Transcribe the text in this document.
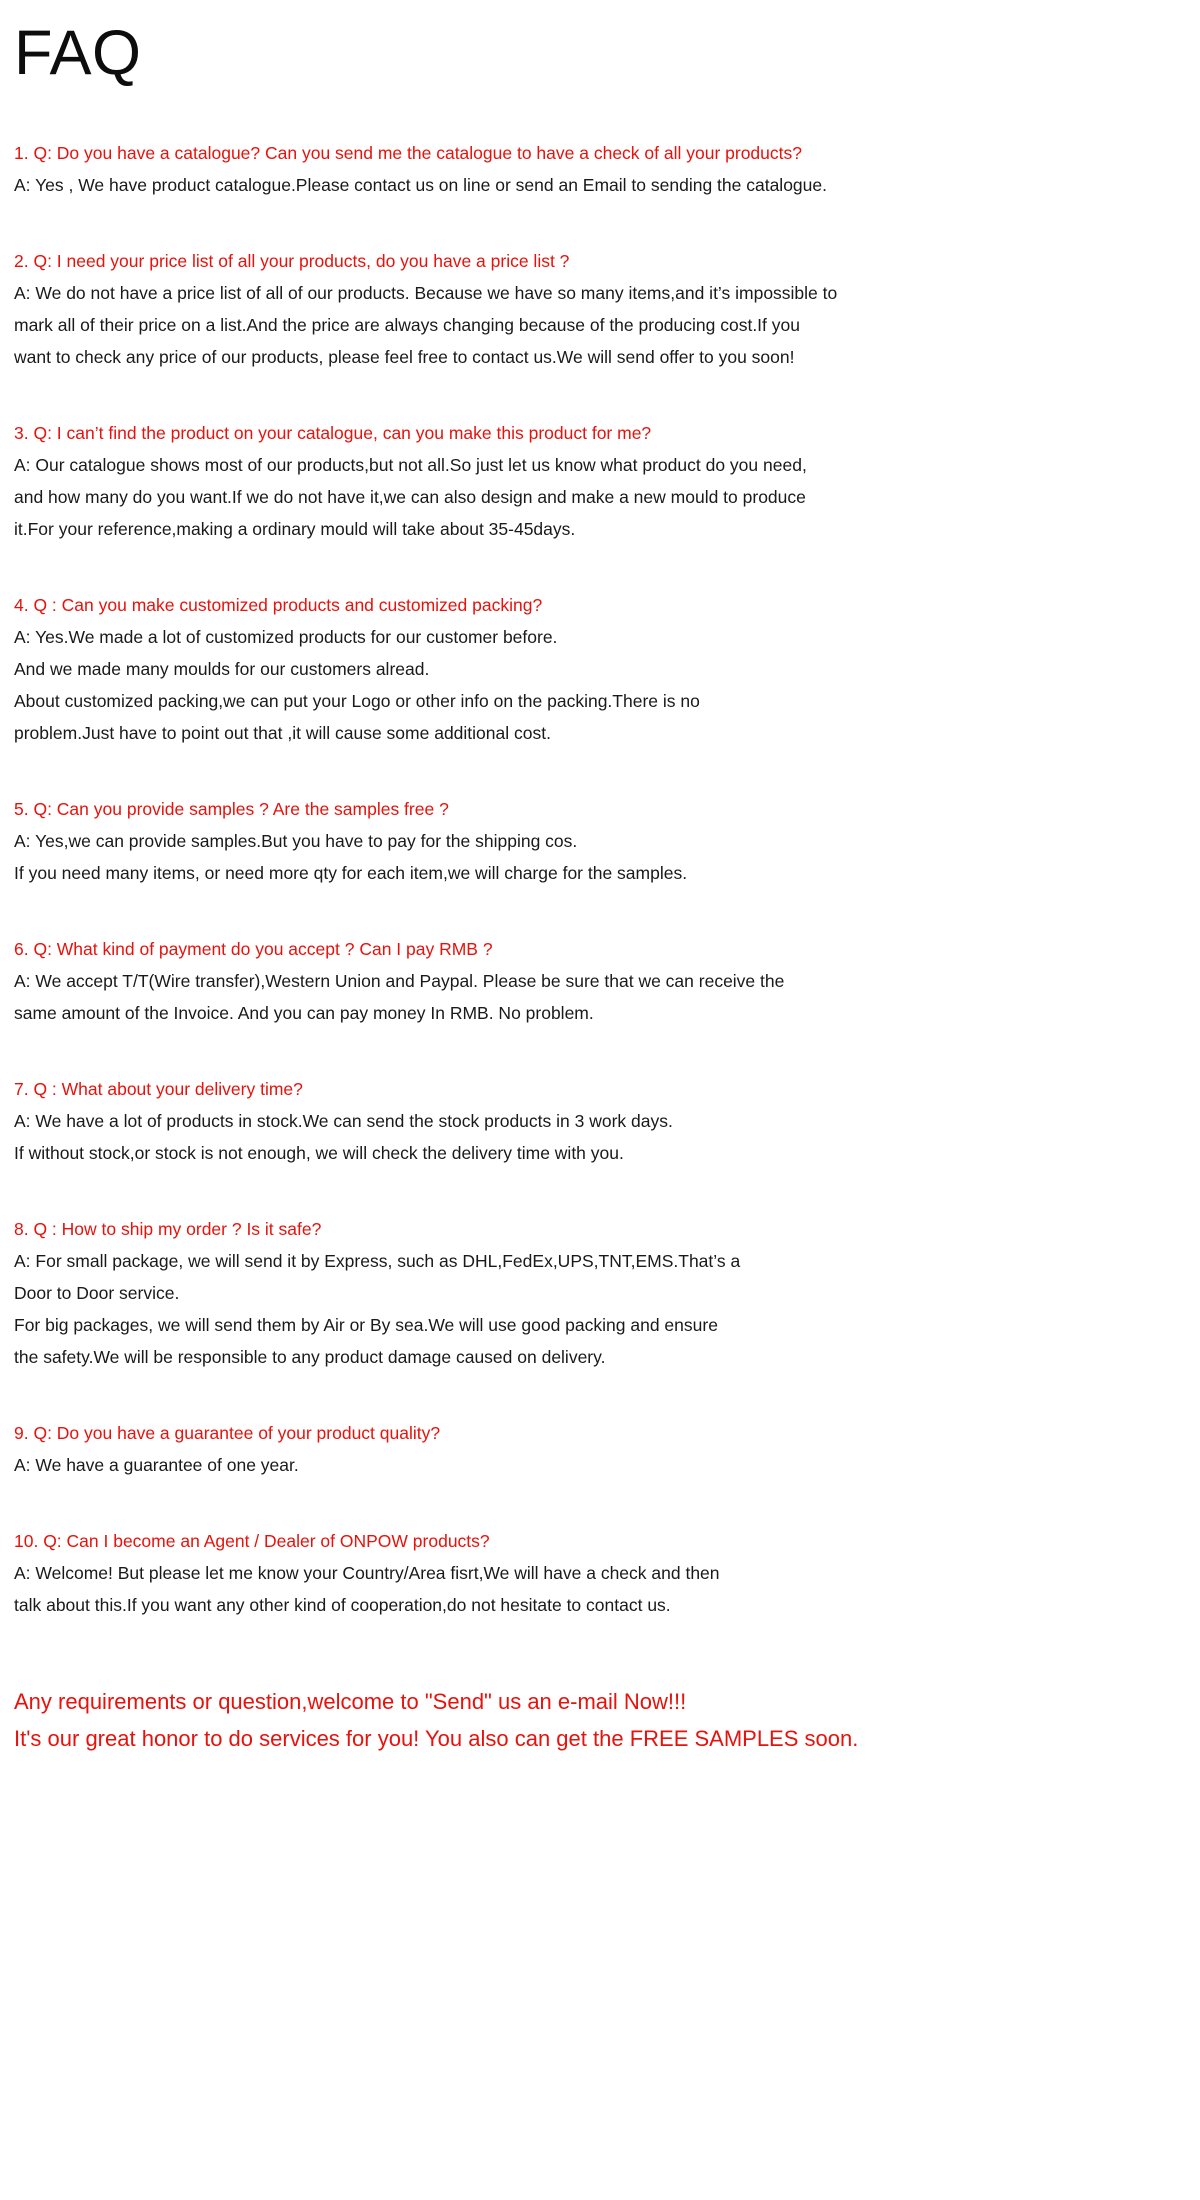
FAQ
1. Q: Do you have a catalogue? Can you send me the catalogue to have a check of all your products?
A: Yes , We have product catalogue.Please contact us on line or send an Email to sending the catalogue.
2. Q: I need your price list of all your products, do you have a price list ?
A: We do not have a price list of all of our products. Because we have so many items,and it’s impossible to
mark all of their price on a list.And the price are always changing because of the producing cost.If you
want to check any price of our products, please feel free to contact us.We will send offer to you soon!
3. Q: I can’t find the product on your catalogue, can you make this product for me?
A: Our catalogue shows most of our products,but not all.So just let us know what product do you need,
and how many do you want.If we do not have it,we can also design and make a new mould to produce
it.For your reference,making a ordinary mould will take about 35-45days.
4. Q : Can you make customized products and customized packing?
A: Yes.We made a lot of customized products for our customer before.
And we made many moulds for our customers alread.
About customized packing,we can put your Logo or other info on the packing.There is no
problem.Just have to point out that ,it will cause some additional cost.
5. Q: Can you provide samples ? Are the samples free ?
A: Yes,we can provide samples.But you have to pay for the shipping cos.
If you need many items, or need more qty for each item,we will charge for the samples.
6. Q: What kind of payment do you accept ? Can I pay RMB ?
A: We accept T/T(Wire transfer),Western Union and Paypal. Please be sure that we can receive the
same amount of the Invoice. And you can pay money In RMB. No problem.
7. Q : What about your delivery time?
A: We have a lot of products in stock.We can send the stock products in 3 work days.
If without stock,or stock is not enough, we will check the delivery time with you.
8. Q : How to ship my order ? Is it safe?
A: For small package, we will send it by Express, such as DHL,FedEx,UPS,TNT,EMS.That’s a
Door to Door service.
For big packages, we will send them by Air or By sea.We will use good packing and ensure
the safety.We will be responsible to any product damage caused on delivery.
9. Q: Do you have a guarantee of your product quality?
A: We have a guarantee of one year.
10. Q: Can I become an Agent / Dealer of ONPOW products?
A: Welcome! But please let me know your Country/Area fisrt,We will have a check and then
talk about this.If you want any other kind of cooperation,do not hesitate to contact us.
Any requirements or question,welcome to "Send" us an e-mail Now!!!
It's our great honor to do services for you! You also can get the FREE SAMPLES soon.
